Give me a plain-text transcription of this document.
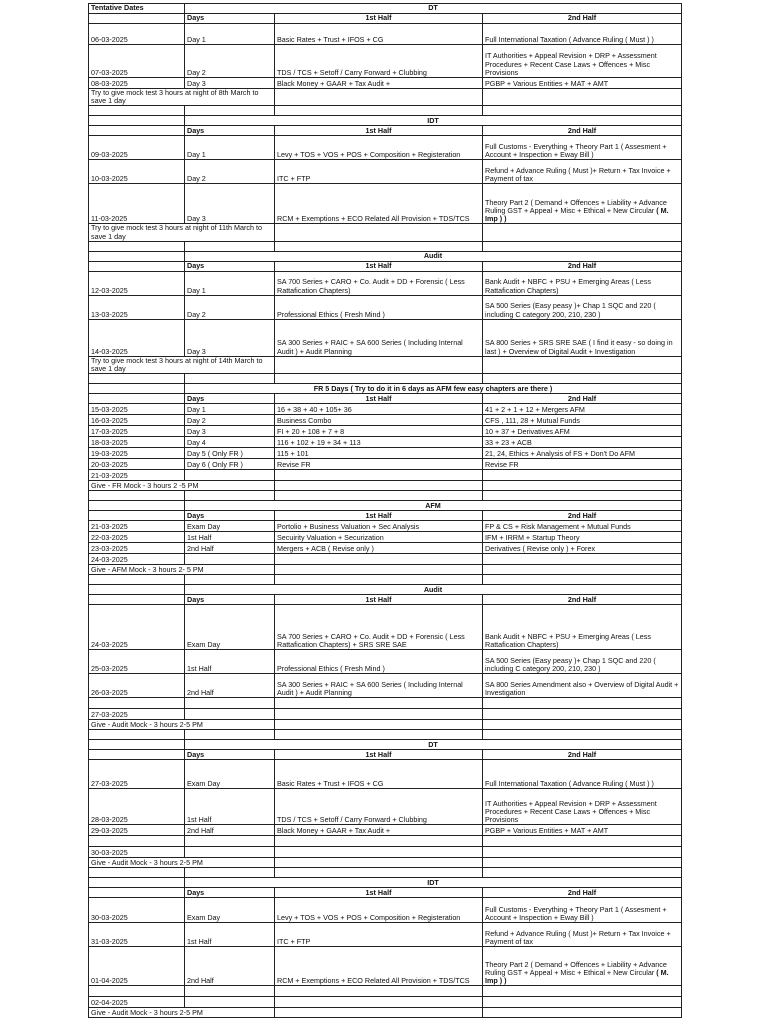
Tentative Dates	DT		
	Days	1st Half	2nd Half
06-03-2025	Day 1	Basic Rates + Trust + IFOS + CG	Full International Taxation ( Advance Ruling ( Must ) )
07-03-2025	Day 2	TDS / TCS + Setoff / Carry Forward + Clubbing	IT Authorities + Appeal Revision + DRP + Assessment Procedures + Recent Case Laws + Offences + Misc Provisions
08-03-2025	Day 3	Black Money + GAAR + Tax Audit +	PGBP + Various Entities + MAT + AMT
Try to give mock test 3 hours at night of 8th March to save 1 day			

	IDT		
	Days	1st Half	2nd Half
09-03-2025	Day 1	Levy + TOS + VOS + POS + Composition + Registeration	Full Customs - Everything + Theory Part 1 ( Assesment + Account + Inspection + Eway Bill )
10-03-2025	Day 2	ITC + FTP	Refund + Advance Ruling ( Must )+ Return + Tax Invoice + Payment of tax
11-03-2025	Day 3	RCM + Exemptions + ECO Related All Provision + TDS/TCS	Theory Part 2 ( Demand + Offences + Liability + Advance Ruling GST + Appeal + Misc + Ethical + New Circular ( M. Imp ) )
Try to give mock test 3 hours at night of 11th March to save 1 day			

	Audit		
	Days	1st Half	2nd Half
12-03-2025	Day 1	SA 700 Series + CARO + Co. Audit + DD + Forensic ( Less Rattafication Chapters)	Bank Audit + NBFC + PSU + Emerging Areas ( Less Rattafication Chapters)
13-03-2025	Day 2	Professional Ethics ( Fresh Mind )	SA 500 Series (Easy peasy )+ Chap 1 SQC and 220 ( including C category 200, 210, 230 )
14-03-2025	Day 3	SA 300 Series + RAIC + SA 600 Series ( Including Internal Audit ) + Audit Planning	SA 800 Series + SRS SRE SAE ( I find it easy - so doing in last ) + Overview of Digital Audit + Investigation
Try to give mock test 3 hours at night of 14th March to save 1 day			

	FR 5 Days ( Try to do it in 6 days as AFM few easy chapters are there )		
	Days	1st Half	2nd Half
15-03-2025	Day 1	16 + 38 + 40 + 105+ 36	41 + 2 + 1 + 12 + Mergers AFM
16-03-2025	Day 2	Business Combo	CFS , 111, 28 + Mutual Funds
17-03-2025	Day 3	FI + 20 + 108 + 7 + 8	10 + 37 + Derivatives AFM
18-03-2025	Day 4	116 + 102 + 19 + 34 + 113	33 + 23 + ACB
19-03-2025	Day 5 ( Only FR )	115 + 101	21, 24, Ethics + Analysis of FS + Don't Do AFM
20-03-2025	Day 6 ( Only FR )	Revise FR	Revise FR
21-03-2025			
Give - FR Mock - 3 hours 2 -5 PM			

	AFM		
	Days	1st Half	2nd Half
21-03-2025	Exam Day	Portolio + Business Valuation + Sec Analysis	FP & CS + Risk Management + Mutual Funds
22-03-2025	1st Half	Secuirity Valuation + Securization	IFM + IRRM + Startup Theory
23-03-2025	2nd Half	Mergers + ACB ( Revise only )	Derivatives ( Revise only ) + Forex
24-03-2025			
Give - AFM Mock - 3 hours 2- 5 PM			

	Audit		
	Days	1st Half	2nd Half
24-03-2025	Exam Day	SA 700 Series + CARO + Co. Audit + DD + Forensic ( Less Rattafication Chapters) + SRS SRE SAE	Bank Audit + NBFC + PSU + Emerging Areas ( Less Rattafication Chapters)
25-03-2025	1st Half	Professional Ethics ( Fresh Mind )	SA 500 Series (Easy peasy )+ Chap 1 SQC and 220 ( including C category 200, 210, 230 )
26-03-2025	2nd Half	SA 300 Series + RAIC + SA 600 Series ( Including Internal Audit ) + Audit Planning	SA 800 Series Amendment also + Overview of Digital Audit + Investigation

27-03-2025			
Give - Audit Mock - 3 hours 2-5 PM			

	DT		
	Days	1st Half	2nd Half
27-03-2025	Exam Day	Basic Rates + Trust + IFOS + CG	Full International Taxation ( Advance Ruling ( Must ) )
28-03-2025	1st Half	TDS / TCS + Setoff / Carry Forward + Clubbing	IT Authorities + Appeal Revision + DRP + Assessment Procedures + Recent Case Laws + Offences + Misc Provisions
29-03-2025	2nd Half	Black Money + GAAR + Tax Audit +	PGBP + Various Entities + MAT + AMT

30-03-2025			
Give - Audit Mock - 3 hours 2-5 PM			

	IDT		
	Days	1st Half	2nd Half
30-03-2025	Exam Day	Levy + TOS + VOS + POS + Composition + Registeration	Full Customs - Everything + Theory Part 1 ( Assesment + Account + Inspection + Eway Bill )
31-03-2025	1st Half	ITC + FTP	Refund + Advance Ruling ( Must )+ Return + Tax Invoice + Payment of tax
01-04-2025	2nd Half	RCM + Exemptions + ECO Related All Provision + TDS/TCS	Theory Part 2 ( Demand + Offences + Liability + Advance Ruling GST + Appeal + Misc + Ethical + New Circular ( M. Imp ) )

02-04-2025			
Give - Audit Mock - 3 hours 2-5 PM			
